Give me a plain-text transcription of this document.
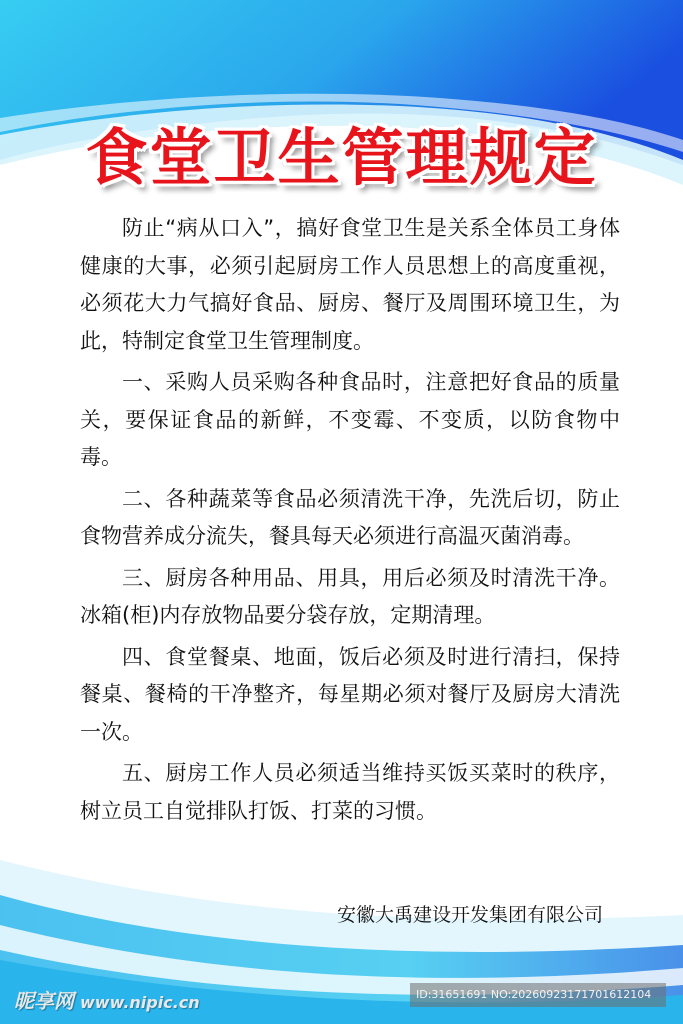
食堂卫生管理规定

防止“病从口入”，搞好食堂卫生是关系全体员工身体健康的大事，必须引起厨房工作人员思想上的高度重视，必须花大力气搞好食品、厨房、餐厅及周围环境卫生，为此，特制定食堂卫生管理制度。

一、采购人员采购各种食品时，注意把好食品的质量关，要保证食品的新鲜，不变霉、不变质，以防食物中毒。

二、各种蔬菜等食品必须清洗干净，先洗后切，防止食物营养成分流失，餐具每天必须进行高温灭菌消毒。

三、厨房各种用品、用具，用后必须及时清洗干净。冰箱(柜)内存放物品要分袋存放，定期清理。

四、食堂餐桌、地面，饭后必须及时进行清扫，保持餐桌、餐椅的干净整齐，每星期必须对餐厅及厨房大清洗一次。

五、厨房工作人员必须适当维持买饭买菜时的秩序，树立员工自觉排队打饭、打菜的习惯。

安徽大禹建设开发集团有限公司
昵享网 www.nipic.cn	ID:31651691 NO:20260923171701612104
